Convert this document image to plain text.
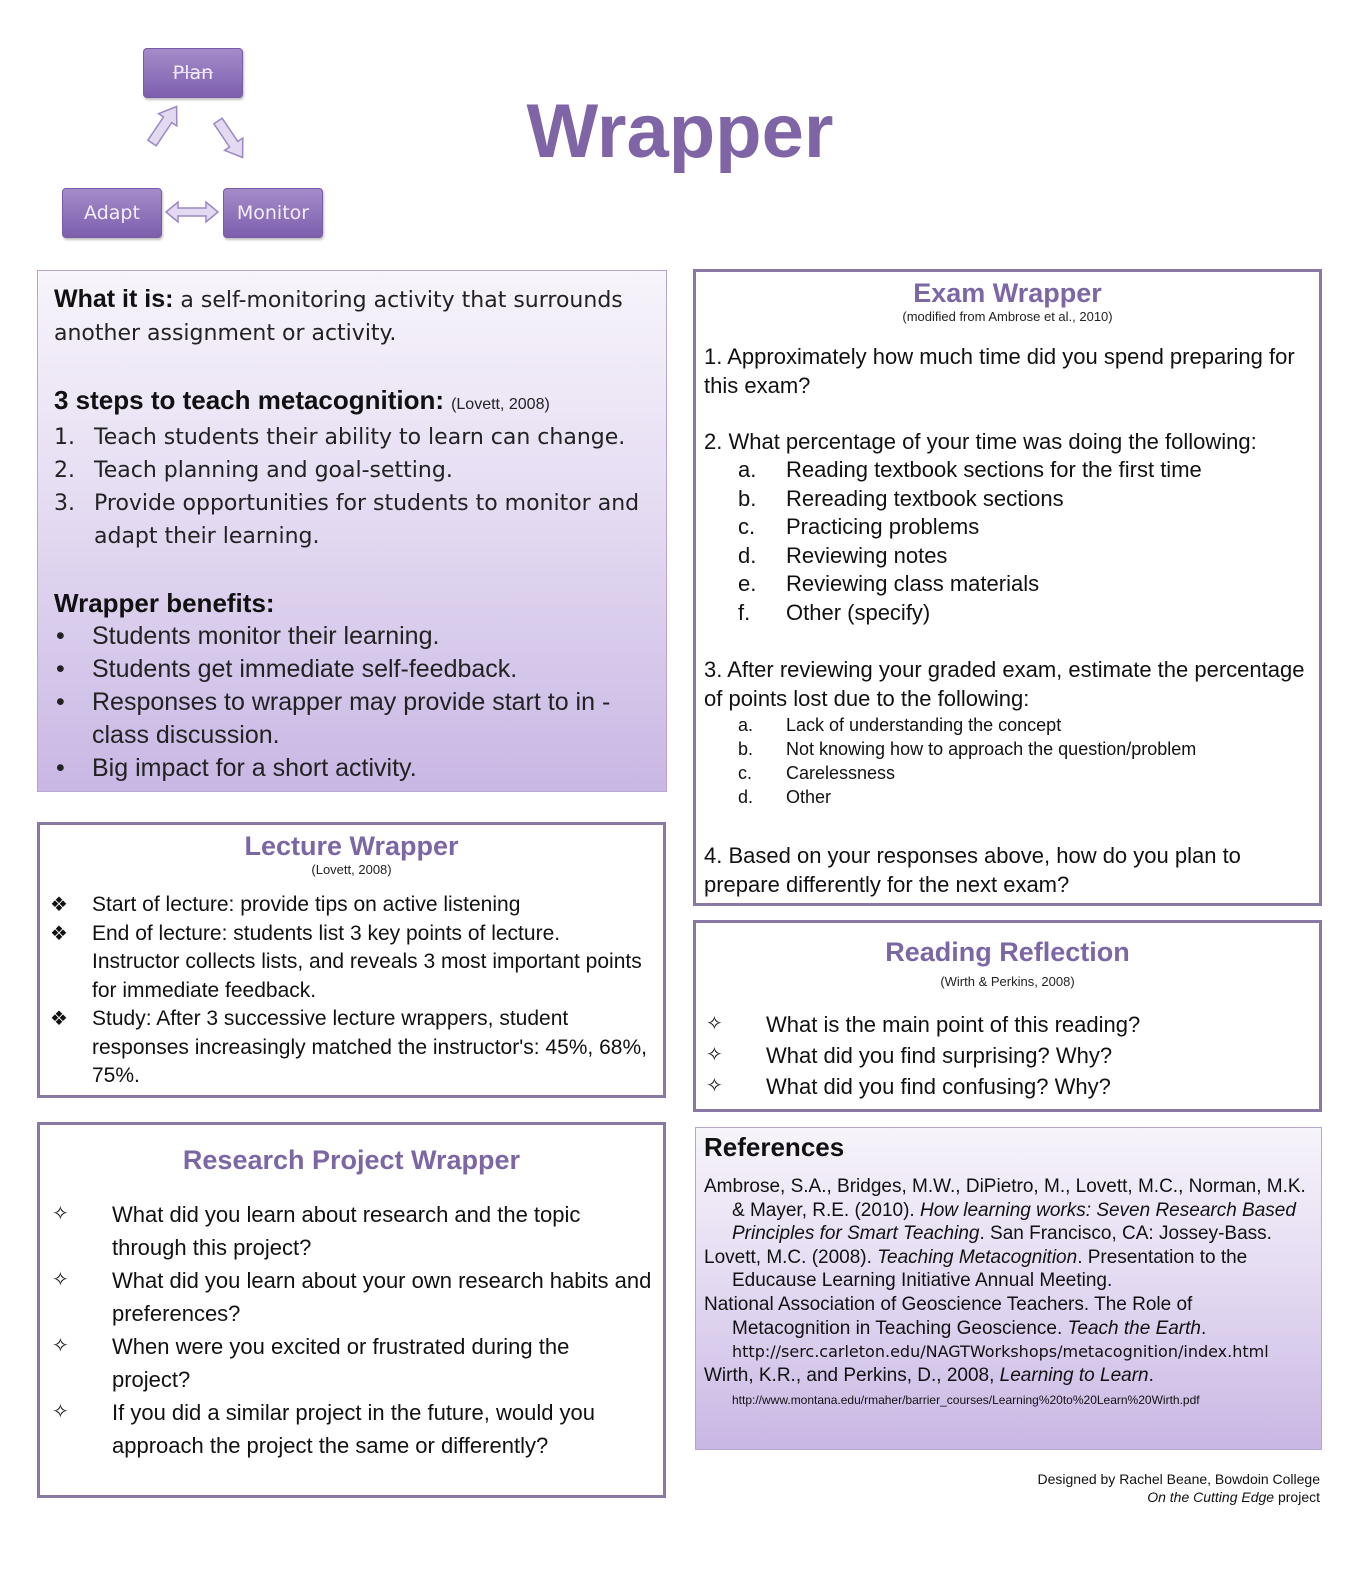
Plan
Adapt	Monitor
Wrapper
What it is: a self-monitoring activity that surrounds another assignment or activity.
3 steps to teach metacognition: (Lovett, 2008)
1. Teach students their ability to learn can change.
2. Teach planning and goal-setting.
3. Provide opportunities for students to monitor and adapt their learning.
Wrapper benefits:
•	Students monitor their learning.
•	Students get immediate self-feedback.
•	Responses to wrapper may provide start to in -class discussion.
•	Big impact for a short activity.
Lecture Wrapper
(Lovett, 2008)
❖	Start of lecture: provide tips on active listening
❖	End of lecture: students list 3 key points of lecture. Instructor collects lists, and reveals 3 most important points for immediate feedback.
❖	Study: After 3 successive lecture wrappers, student responses increasingly matched the instructor's: 45%, 68%, 75%.
Research Project Wrapper
✧	What did you learn about research and the topic through this project?
✧	What did you learn about your own research habits and preferences?
✧	When were you excited or frustrated during the project?
✧	If you did a similar project in the future, would you approach the project the same or differently?
Exam Wrapper
(modified from Ambrose et al., 2010)
1. Approximately how much time did you spend preparing for this exam?
2. What percentage of your time was doing the following:
a.	Reading textbook sections for the first time
b.	Rereading textbook sections
c.	Practicing problems
d.	Reviewing notes
e.	Reviewing class materials
f.	Other (specify)
3. After reviewing your graded exam, estimate the percentage of points lost due to the following:
a.	Lack of understanding the concept
b.	Not knowing how to approach the question/problem
c.	Carelessness
d.	Other
4. Based on your responses above, how do you plan to prepare differently for the next exam?
Reading Reflection
(Wirth & Perkins, 2008)
✧	What is the main point of this reading?
✧	What did you find surprising? Why?
✧	What did you find confusing? Why?
References
Ambrose, S.A., Bridges, M.W., DiPietro, M., Lovett, M.C., Norman, M.K. & Mayer, R.E. (2010). How learning works: Seven Research Based Principles for Smart Teaching. San Francisco, CA: Jossey-Bass.
Lovett, M.C. (2008). Teaching Metacognition. Presentation to the Educause Learning Initiative Annual Meeting.
National Association of Geoscience Teachers. The Role of Metacognition in Teaching Geoscience. Teach the Earth.
http://serc.carleton.edu/NAGTWorkshops/metacognition/index.html
Wirth, K.R., and Perkins, D., 2008, Learning to Learn.
http://www.montana.edu/rmaher/barrier_courses/Learning%20to%20Learn%20Wirth.pdf
Designed by Rachel Beane, Bowdoin College
On the Cutting Edge project
